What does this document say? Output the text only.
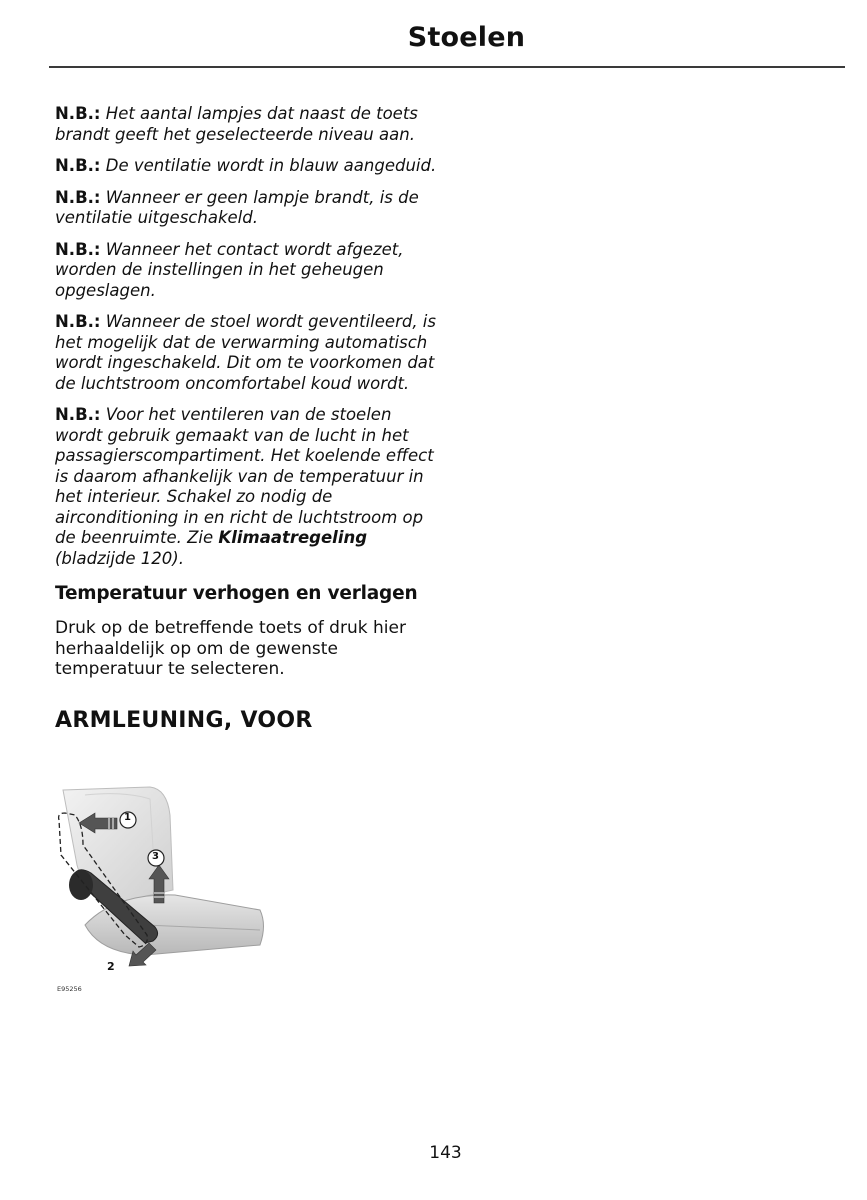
Stoelen

N.B.: Het aantal lampjes dat naast de toets brandt geeft het geselecteerde niveau aan.

N.B.: De ventilatie wordt in blauw aangeduid.

N.B.: Wanneer er geen lampje brandt, is de ventilatie uitgeschakeld.

N.B.: Wanneer het contact wordt afgezet, worden de instellingen in het geheugen opgeslagen.

N.B.: Wanneer de stoel wordt geventileerd, is het mogelijk dat de verwarming automatisch wordt ingeschakeld. Dit om te voorkomen dat de luchtstroom oncomfortabel koud wordt.

N.B.: Voor het ventileren van de stoelen wordt gebruik gemaakt van de lucht in het passagierscompartiment. Het koelende effect is daarom afhankelijk van de temperatuur in het interieur. Schakel zo nodig de airconditioning in en richt de luchtstroom op de beenruimte. Zie Klimaatregeling (bladzijde 120).

Temperatuur verhogen en verlagen

Druk op de betreffende toets of druk hier herhaaldelijk op om de gewenste temperatuur te selecteren.

ARMLEUNING, VOOR
1
3
2
E95256
143
